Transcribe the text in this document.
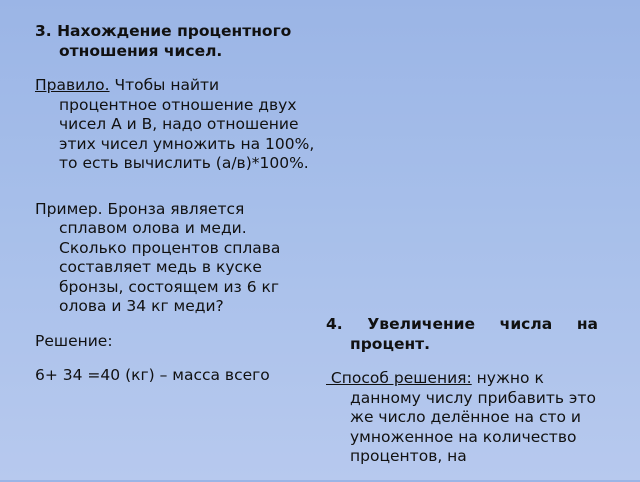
3. Нахождение процентного отношения чисел.

Правило. Чтобы найти процентное отношение двух чисел А и В, надо отношение этих чисел умножить на 100%, то есть вычислить (а/в)*100%.

Пример. Бронза является сплавом олова и меди. Сколько процентов сплава составляет медь в куске бронзы, состоящем из 6 кг олова и 34 кг меди?

Решение:

6+ 34 =40 (кг) – масса всего

4. Увеличение числа на
процент.

Способ решения: нужно к данному числу прибавить это же число делённое на сто и умноженное на количество процентов, на
